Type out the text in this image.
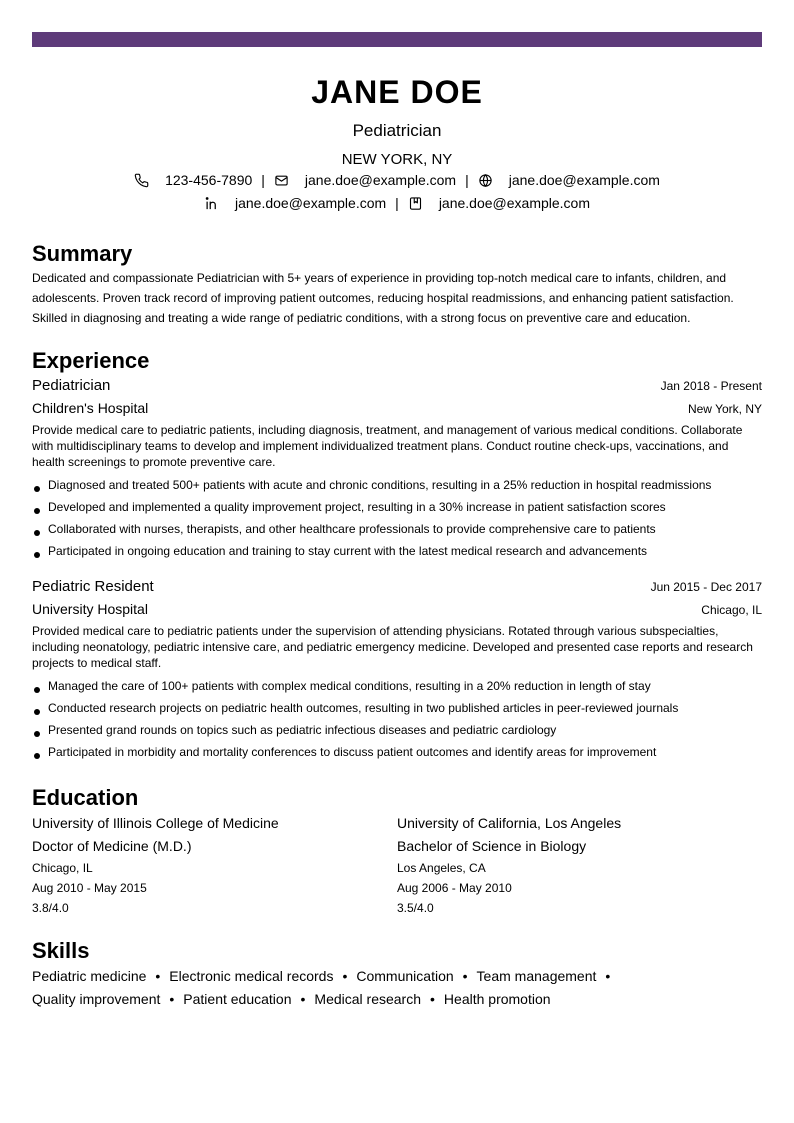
JANE DOE
Pediatrician
NEW YORK, NY
123-456-7890 |	jane.doe@example.com |	jane.doe@example.com
jane.doe@example.com |	jane.doe@example.com
Summary

Dedicated and compassionate Pediatrician with 5+ years of experience in providing top-notch medical care to infants, children, and adolescents. Proven track record of improving patient outcomes, reducing hospital readmissions, and enhancing patient satisfaction. Skilled in diagnosing and treating a wide range of pediatric conditions, with a strong focus on preventive care and education.

Experience
Pediatrician	Jan 2018 - Present
Children's Hospital	New York, NY
Provide medical care to pediatric patients, including diagnosis, treatment, and management of various medical conditions. Collaborate with multidisciplinary teams to develop and implement individualized treatment plans. Conduct routine check-ups, vaccinations, and health screenings to promote preventive care.
Diagnosed and treated 500+ patients with acute and chronic conditions, resulting in a 25% reduction in hospital readmissions
Developed and implemented a quality improvement project, resulting in a 30% increase in patient satisfaction scores
Collaborated with nurses, therapists, and other healthcare professionals to provide comprehensive care to patients
Participated in ongoing education and training to stay current with the latest medical research and advancements
Pediatric Resident	Jun 2015 - Dec 2017
University Hospital	Chicago, IL
Provided medical care to pediatric patients under the supervision of attending physicians. Rotated through various subspecialties, including neonatology, pediatric intensive care, and pediatric emergency medicine. Developed and presented case reports and research projects to medical staff.
Managed the care of 100+ patients with complex medical conditions, resulting in a 20% reduction in length of stay
Conducted research projects on pediatric health outcomes, resulting in two published articles in peer-reviewed journals
Presented grand rounds on topics such as pediatric infectious diseases and pediatric cardiology
Participated in morbidity and mortality conferences to discuss patient outcomes and identify areas for improvement
Education
University of Illinois College of Medicine
Doctor of Medicine (M.D.)
Chicago, IL
Aug 2010 - May 2015
3.8/4.0
University of California, Los Angeles
Bachelor of Science in Biology
Los Angeles, CA
Aug 2006 - May 2010
3.5/4.0
Skills
Pediatric medicine • Electronic medical records • Communication • Team management •
Quality improvement • Patient education • Medical research • Health promotion
